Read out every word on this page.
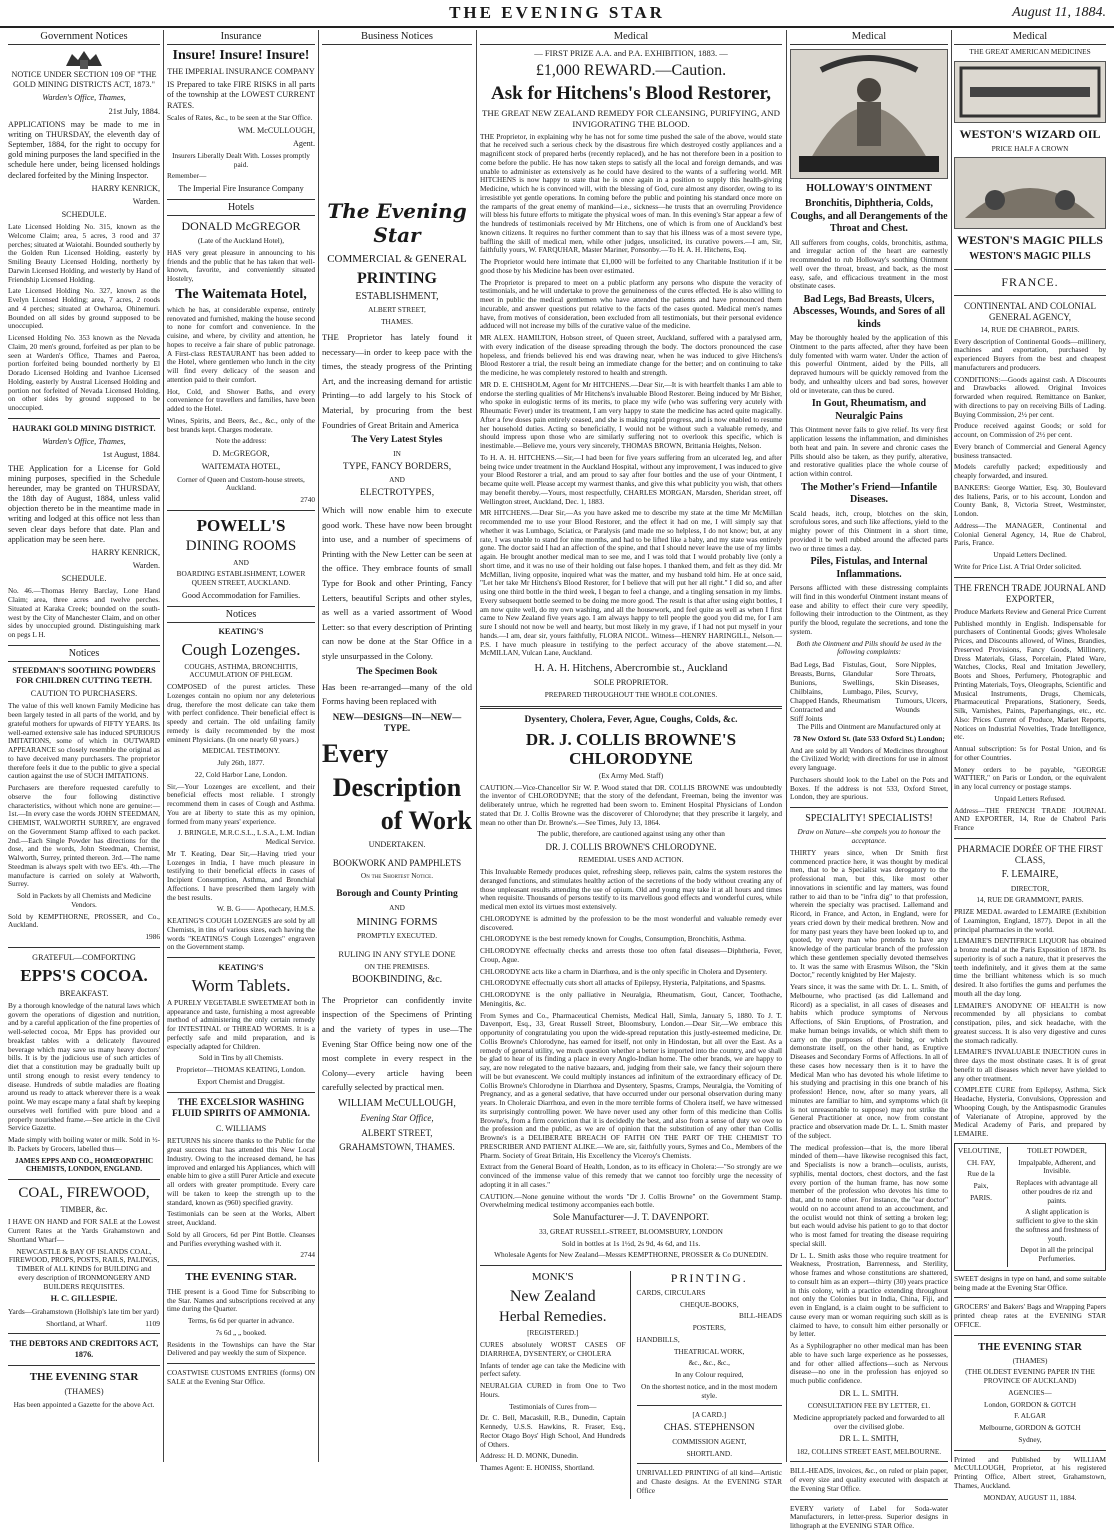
THE EVENING STAR	August 11, 1884.
Government Notices

NOTICE UNDER SECTION 109 OF "THE GOLD MINING DISTRICTS ACT, 1873."

Warden's Office, Thames,

21st July, 1884.

APPLICATIONS may be made to me in writing on THURSDAY, the eleventh day of September, 1884, for the right to occupy for gold mining purposes the land specified in the schedule here under, being licensed holdings declared forfeited by the Mining Inspector.

HARRY KENRICK,

Warden.

SCHEDULE.

Late Licensed Holding No. 315, known as the Welcome Claim; area, 5 acres, 3 rood and 37 perches; situated at Waiotahi. Bounded southerly by the Golden Run Licensed Holding, easterly by Smiling Beauty Licensed Holding, northerly by Darwin Licensed Holding, and westerly by Hand of Friendship Licensed Holding.

Late Licensed Holding No. 327, known as the Evelyn Licensed Holding; area, 7 acres, 2 roods and 4 perches; situated at Owharoa, Ohinemuri. Bounded on all sides by ground supposed to be unoccupied.

Licensed Holding No. 353 known as the Nevada Claim, 20 men's ground, forfeited as per plan to be seen at Warden's Office, Thames and Paeroa, portion forfeited being bounded northerly by El Dorado Licensed Holding and Ivanhoe Licensed Holding, easterly by Austral Licensed Holding and portion not forfeited of Nevada Licensed Holding, on other sides by ground supposed to be unoccupied.

HAURAKI GOLD MINING DISTRICT.

Warden's Office, Thames,

1st August, 1884.

THE Application for a License for Gold mining purposes, specified in the Schedule hereunder, may be granted on THURSDAY, the 18th day of August, 1884, unless valid objection thereto be in the meantime made in writing and lodged at this office not less than seven clear days before that date. Plan and application may be seen here.

HARRY KENRICK,

Warden.

SCHEDULE.

No. 46.—Thomas Henry Barclay, Lone Hand Claim; area, three acres and twelve perches. Situated at Karaka Creek; bounded on the south-west by the City of Manchester Claim, and on other sides by unoccupied ground. Distinguishing mark on pegs L H.

Notices

STEEDMAN'S SOOTHING POWDERS FOR CHILDREN CUTTING TEETH.

CAUTION TO PURCHASERS.

The value of this well known Family Medicine has been largely tested in all parts of the world, and by grateful mothers for upwards of FIFTY YEARS. Its well-earned extensive sale has induced SPURIOUS IMITATIONS, some of which in OUTWARD APPEARANCE so closely resemble the original as to have deceived many purchasers. The proprietor therefore feels it due to the public to give a special caution against the use of SUCH IMITATIONS.

Purchasers are therefore requested carefully to observe the four following distinctive characteristics, without which none are genuine:— 1st.—In every case the words JOHN STEEDMAN, CHEMIST, WALWORTH SURREY, are engraved on the Government Stamp affixed to each packet. 2nd.—Each Single Powder has directions for the dose, and the words, John Steedman, Chemist, Walworth, Surrey, printed thereon. 3rd.—The name Steedman is always spelt with two EE's. 4th.—The manufacture is carried on solely at Walworth, Surrey.

Sold in Packets by all Chemists and Medicine Vendors.

Sold by KEMPTHORNE, PROSSER, and Co., Auckland.

1986

GRATEFUL—COMFORTING

EPPS'S COCOA.

BREAKFAST.

By a thorough knowledge of the natural laws which govern the operations of digestion and nutrition, and by a careful application of the fine properties of well-selected cocoa, Mr Epps has provided our breakfast tables with a delicately flavoured beverage which may save us many heavy doctors' bills. It is by the judicious use of such articles of diet that a constitution may be gradually built up until strong enough to resist every tendency to disease. Hundreds of subtle maladies are floating around us ready to attack wherever there is a weak point. We may escape many a fatal shaft by keeping ourselves well fortified with pure blood and a properly nourished frame.—See article in the Civil Service Gazette.

Made simply with boiling water or milk. Sold in ½-lb. Packets by Grocers, labelled thus—

JAMES EPPS AND CO., HOMŒOPATHIC CHEMISTS, LONDON, ENGLAND.

COAL, FIREWOOD,

TIMBER, &c.

I HAVE ON HAND and FOR SALE at the Lowest Current Rates at the Yards Grahamstown and Shortland Wharf—

NEWCASTLE & BAY OF ISLANDS COAL, FIREWOOD, PROPS, POSTS, RAILS, PALINGS, TIMBER of ALL KINDS for BUILDING and every description of IRONMONGERY AND BUILDERS REQUISITES.

H. C. GILLESPIE.

Yards—Grahamstown (Hollship's late tim ber yard)

Shortland, at Wharf.	1109

THE DEBTORS AND CREDITORS ACT, 1876.

THE EVENING STAR

(THAMES)

Has been appointed a Gazette for the above Act.

Insurance
Insure! Insure! Insure!

THE IMPERIAL INSURANCE COMPANY

IS Prepared to take FIRE RISKS in all parts of the township at the LOWEST CURRENT RATES.

Scales of Rates, &c., to be seen at the Star Office.

WM. McCULLOUGH,

Agent.

Insurers Liberally Dealt With. Losses promptly paid.

Remember—

The Imperial Fire Insurance Company

Hotels
DONALD McGREGOR

(Late of the Auckland Hotel),

HAS very great pleasure in announcing to his friends and the public that he has taken that well-known, favorite, and conveniently situated Hostelry,

The Waitemata Hotel,

which he has, at considerable expense, entirely renovated and furnished, making the house second to none for comfort and convenience. In the cuisine, and where, by civility and attention, he hopes to receive a fair share of public patronage. A First-class RESTAURANT has been added to the Hotel, where gentlemen who lunch in the city will find every delicacy of the season and attention paid to their comfort.

Hot, Cold, and Shower Baths, and every convenience for travellers and families, have been added to the Hotel.

Wines, Spirits, and Beers, &c., &c., only of the best brands kept. Charges moderate.

Note the address:

D. McGREGOR,

WAITEMATA HOTEL,

Corner of Queen and Custom-house streets, Auckland.

2740

POWELL'S
DINING ROOMS

AND

BOARDING ESTABLISHMENT, LOWER QUEEN STREET, AUCKLAND.

Good Accommodation for Families.

Notices

KEATING'S

Cough Lozenges.

COUGHS, ASTHMA, BRONCHITIS, ACCUMULATION OF PHLEGM.

COMPOSED of the purest articles. These Lozenges contain no opium nor any deleterious drug, therefore the most delicate can take them with perfect confidence. Their beneficial effect is speedy and certain. The old unfailing family remedy is daily recommended by the most eminent Physicians. (In one nearly 60 years.)

MEDICAL TESTIMONY.

July 26th, 1877.

22, Cold Harbor Lane, London.

Sir,—Your Lozenges are excellent, and their beneficial effects most reliable. I strongly recommend them in cases of Cough and Asthma. You are at liberty to state this as my opinion, formed from many years' experience.

J. BRINGLE, M.R.C.S.L., L.S.A., L.M. Indian Medical Service.

Mr T. Keating, Dear Sir,—Having tried your Lozenges in India, I have much pleasure in testifying to their beneficial effects in cases of Incipient Consumption, Asthma, and Bronchial Affections. I have prescribed them largely with the best results.

W. B. G—— Apothecary, H.M.S.

KEATING'S COUGH LOZENGES are sold by all Chemists, in tins of various sizes, each having the words "KEATING'S Cough Lozenges" engraven on the Government stamp.

KEATING'S

Worm Tablets.

A PURELY VEGETABLE SWEETMEAT both in appearance and taste, furnishing a most agreeable method of administering the only certain remedy for INTESTINAL or THREAD WORMS. It is a perfectly safe and mild preparation, and is especially adapted for Children.

Sold in Tins by all Chemists.

Proprietor—THOMAS KEATING, London.

Export Chemist and Druggist.

THE EXCELSIOR WASHING FLUID SPIRITS OF AMMONIA.

C. WILLIAMS

RETURNS his sincere thanks to the Public for the great success that has attended this New Local Industry. Owing to the increased demand, he has improved and enlarged his Appliances, which will enable him to give a still Purer Article and execute all orders with greater promptitude. Every care will be taken to keep the strength up to the standard, known as (960) specified gravity.

Testimonials can be seen at the Works, Albert street, Auckland.

Sold by all Grocers, 6d per Pint Bottle. Cleanses and Purifies everything washed with it.

2744

THE EVENING STAR.

THE present is a Good Time for Subscribing to the Star. Names and subscriptions received at any time during the Quarter.

Terms, 6s 6d per quarter in advance.

7s 6d „ „ booked.

Residents in the Townships can have the Star Delivered and pay weekly the sum of Sixpence.

COASTWISE CUSTOMS ENTRIES (forms) ON SALE at the Evening Star Office.

Business Notices
The Evening Star

COMMERCIAL & GENERAL

PRINTING

ESTABLISHMENT,

ALBERT STREET,

THAMES.

THE Proprietor has lately found it necessary—in order to keep pace with the times, the steady progress of the Printing Art, and the increasing demand for artistic Printing—to add largely to his Stock of Material, by procuring from the best Foundries of Great Britain and America

The Very Latest Styles

IN

TYPE, FANCY BORDERS,

AND

ELECTROTYPES,

Which will now enable him to execute good work. These have now been brought into use, and a number of specimens of Printing with the New Letter can be seen at the office. They embrace founts of small Type for Book and other Printing, Fancy Letters, beautiful Scripts and other styles, as well as a varied assortment of Wood Letter: so that every description of Printing can now be done at the Star Office in a style unsurpassed in the Colony.

The Specimen Book

Has been re-arranged—many of the old Forms having been replaced with

NEW—DESIGNS—IN—NEW—TYPE.

Every
Description
of Work

UNDERTAKEN.

BOOKWORK AND PAMPHLETS

On the Shortest Notice.

Borough and County Printing

AND

MINING FORMS

PROMPTLY EXECUTED.

RULING IN ANY STYLE DONE

ON THE PREMISES.

BOOKBINDING, &c.

The Proprietor can confidently invite inspection of the Specimens of Printing and the variety of types in use—The Evening Star Office being now one of the most complete in every respect in the Colony—every article having been carefully selected by practical men.

WILLIAM McCULLOUGH,

Evening Star Office,

ALBERT STREET,

GRAHAMSTOWN, THAMES.

Medical

— FIRST PRIZE A.A. and P.A. EXHIBITION, 1883. —

£1,000 REWARD.—Caution.
Ask for Hitchens's Blood Restorer,

THE GREAT NEW ZEALAND REMEDY FOR CLEANSING, PURIFYING, AND INVIGORATING THE BLOOD.

THE Proprietor, in explaining why he has not for some time pushed the sale of the above, would state that he received such a serious check by the disastrous fire which destroyed costly appliances and a magnificent stock of prepared herbs (recently replaced), and he has not therefore been in a position to come before the public. He has now taken steps to satisfy all the local and foreign demands, and was unable to administer as extensively as he could have desired to the wants of a suffering world. MR HITCHENS is now happy to state that he is once again in a position to supply this health-giving Medicine, which he is convinced will, with the blessing of God, cure almost any disorder, owing to its irresistible yet gentle operations. In coming before the public and pointing his standard once more on the ramparts of the great enemy of mankind—i.e., sickness—he trusts that an overruling Providence will bless his future efforts to mitigate the physical woes of man. In this evening's Star appear a few of the hundreds of testimonials received by Mr Hitchens, one of which is from one of Auckland's best known citizens. It requires no further comment than to say that his illness was of a most severe type, baffling the skill of medical men, while other judges, unsolicited, its curative powers.—I am, Sir, faithfully yours, W. FARQUHAR, Master Mariner, Ponsonby.—To H. A. H. Hitchens, Esq.

The Proprietor would here intimate that £1,000 will be forfeited to any Charitable Institution if it be good those by his Medicine has been over estimated.

The Proprietor is prepared to meet on a public platform any persons who dispute the veracity of testimonials, and he will undertake to prove the genuineness of the cures effected. He is also willing to meet in public the medical gentlemen who have attended the patients and have pronounced them incurable, and answer questions put relative to the facts of the cases quoted. Medical men's names have, from motives of consideration, been excluded from all testimonials, but their personal evidence adduced will not increase my bills of the curative value of the medicine.

MR ALEX. HAMILTON, Hobson street, of Queen street, Auckland, suffered with a paralysed arm, with every indication of the disease spreading through the body. The doctors pronounced the case hopeless, and friends believed his end was drawing near, when he was induced to give Hitchens's Blood Restorer a trial, the result being an immediate change for the better; and on continuing to take the medicine, he was completely restored to health and strength.

MR D. E. CHISHOLM, Agent for Mr HITCHENS.—Dear Sir,—It is with heartfelt thanks I am able to endorse the sterling qualities of Mr Hitchens's invaluable Blood Restorer. Being induced by Mr Bisher, who spoke in eulogistic terms of its merits, to place my wife (who was suffering very acutely with Rheumatic Fever) under its treatment, I am very happy to state the medicine has acted quite magically. After a few doses pain entirely ceased, and she is making rapid progress, and is now enabled to resume her household duties. Acting so beneficially, I would not be without such a valuable remedy, and should impress upon those who are similarly suffering not to overlook this specific, which is inestimable.—Believe me, yours very sincerely, THOMAS BROWN, Brittania Heights, Nelson.

To H. A. H. HITCHENS.—Sir,—I had been for five years suffering from an ulcerated leg, and after being twice under treatment in the Auckland Hospital, without any improvement, I was induced to give your Blood Restorer a trial, and am proud to say after four bottles and the use of your Ointment, I became quite well. Please accept my warmest thanks, and give this what publicity you wish, that others may benefit thereby.—Yours, most respectfully, CHARLES MORGAN, Marsden, Sheridan street, off Wellington street, Auckland, Dec. 1, 1883.

MR HITCHENS.—Dear Sir,—As you have asked me to describe my state at the time Mr McMillan recommended me to use your Blood Restorer, and the effect it had on me, I will simply say that whether it was Lumbago, Sciatica, or Paralysis (and made me so helpless, I do not know; but, at any rate, I was unable to stand for nine months, and had to be lifted like a baby, and my state was entirely gone. The doctor said I had an affection of the spine, and that I should never leave the use of my limbs again. He brought another medical man to see me, and I was told that I would probably live (only a short time, and it was no use of their holding out false hopes. I thanked them, and felt as they did. Mr McMillan, living opposite, inquired what was the matter, and my husband told him. He at once said, "Let her take Mr Hitchens's Blood Restorer, for I believe that will put her all right." I did so, and after using one third bottle in the third week, I began to feel a change, and a tingling sensation in my limbs. Every subsequent bottle seemed to be doing me more good. The result is that after using eight bottles, I am now quite well, do my own washing, and all the housework, and feel quite as well as when I first came to New Zealand five years ago. I am always happy to tell people the good you did me, for I am sure I should not now be well and hearty, but most likely in my grave, if I had not put myself in your hands.—I am, dear sir, yours faithfully, FLORA NICOL. Witness—HENRY HARINGILL, Nelson.—P.S. I have much pleasure in testifying to the perfect accuracy of the above statement.—N. McMILLAN, Vulcan Lane, Auckland.

H. A. H. Hitchens, Abercrombie st., Auckland

SOLE PROPRIETOR.

PREPARED THROUGHOUT THE WHOLE COLONIES.

Dysentery, Cholera, Fever, Ague, Coughs, Colds, &c.

DR. J. COLLIS BROWNE'S CHLORODYNE

(Ex Army Med. Staff)

CAUTION.—Vice-Chancellor Sir W. P. Wood stated that DR. COLLIS BROWNE was undoubtedly the inventor of CHLORODYNE; that the story of the defendant, Freeman, being the inventor was deliberately untrue, which he regretted had been sworn to. Eminent Hospital Physicians of London stated that Dr. J. Collis Browne was the discoverer of Chlorodyne; that they prescribe it largely, and mean no other than Dr. Browne's.—See Times, July 13, 1864.

The public, therefore, are cautioned against using any other than

DR. J. COLLIS BROWNE'S CHLORODYNE.

REMEDIAL USES AND ACTION.

This Invaluable Remedy produces quiet, refreshing sleep, relieves pain, calms the system restores the deranged functions, and stimulates healthy action of the secretions of the body without creating any of those unpleasant results attending the use of opium. Old and young may take it at all hours and times when requisite. Thousands of persons testify to its marvellous good effects and wonderful cures, while medical men extol its virtues most extensively.

CHLORODYNE is admitted by the profession to be the most wonderful and valuable remedy ever discovered.

CHLORODYNE is the best remedy known for Coughs, Consumption, Bronchitis, Asthma.

CHLORODYNE effectually checks and arrests those too often fatal diseases—Diphtheria, Fever, Croup, Ague.

CHLORODYNE acts like a charm in Diarrhœa, and is the only specific in Cholera and Dysentery.

CHLORODYNE effectually cuts short all attacks of Epilepsy, Hysteria, Palpitations, and Spasms.

CHLORODYNE is the only palliative in Neuralgia, Rheumatism, Gout, Cancer, Toothache, Meningitis, &c.

From Symes and Co., Pharmaceutical Chemists, Medical Hall, Simla, January 5, 1880. To J. T. Davenport, Esq., 33, Great Russell Street, Bloomsbury, London.—Dear Sir,—We embrace this opportunity of congratulating you upon the wide-spread reputation this justly-esteemed medicine, Dr. Collis Browne's Chlorodyne, has earned for itself, not only in Hindostan, but all over the East. As a remedy of general utility, we much question whether a better is imported into the country, and we shall be glad to hear of its finding a place in every Anglo-Indian home. The other brands, we are happy to say, are now relegated to the native bazaars, and, judging from their sale, we fancy their sojourn there will be but evanescent. We could multiply instances ad infinitum of the extraordinary efficacy of Dr. Collis Browne's Chlorodyne in Diarrhœa and Dysentery, Spasms, Cramps, Neuralgia, the Vomiting of Pregnancy, and as a general sedative, that have occurred under our personal observation during many years. In Choleraic Diarrhœa, and even in the more terrible forms of Cholera itself, we have witnessed its surprisingly controlling power. We have never used any other form of this medicine than Collis Browne's, from a firm conviction that it is decidedly the best, and also from a sense of duty we owe to the profession and the public, as we are of opinion that the substitution of any other than Collis Browne's is a DELIBERATE BREACH OF FAITH ON THE PART OF THE CHEMIST TO PRESCRIBER AND PATIENT ALIKE.—We are, sir, faithfully yours, Symes and Co., Members of the Pharm. Society of Great Britain, His Excellency the Viceroy's Chemists.

Extract from the General Board of Health, London, as to its efficacy in Cholera:—"So strongly are we convinced of the immense value of this remedy that we cannot too forcibly urge the necessity of adopting it in all cases."

CAUTION.—None genuine without the words "Dr J. Collis Browne" on the Government Stamp. Overwhelming medical testimony accompanies each bottle.

Sole Manufacturer—J. T. DAVENPORT.

33, GREAT RUSSELL-STREET, BLOOMSBURY, LONDON

Sold in bottles at 1s 1½d, 2s 9d, 4s 6d, and 11s.

Wholesale Agents for New Zealand—Messrs KEMPTHORNE, PROSSER & Co DUNEDIN.

MONK'S

New Zealand
Herbal Remedies.

[REGISTERED.]

CURES absolutely WORST CASES OF DIARRHŒA, DYSENTERY, or CHOLERA

Infants of tender age can take the Medicine with perfect safety.

NEURALGIA CURED in from One to Two Hours.

Testimonials of Cures from—

Dr. C. Bell, Macaskill, R.B., Dunedin, Captain Kennedy, U.S.S. Hawkins, R. Fraser, Esq., Rector Otago Boys' High School, And Hundreds of Others.

Address: H. D. MONK, Dunedin.

Thames Agent: E. HONISS, Shortland.

PRINTING.

CARDS, CIRCULARS

CHEQUE-BOOKS,

BILL-HEADS

POSTERS,

HANDBILLS,

THEATRICAL WORK,

&c., &c., &c.,

In any Colour required,

On the shortest notice, and in the most modern style.

[A CARD.]

CHAS. STEPHENSON

COMMISSION AGENT,

SHORTLAND.

UNRIVALLED PRINTING of all kind—Artistic and Chaste designs. At the EVENING STAR Office

Medical

HOLLOWAY'S OINTMENT

Bronchitis, Diphtheria, Colds, Coughs, and all Derangements of the Throat and Chest.

All sufferers from coughs, colds, bronchitis, asthma, and irregular action of the heart are earnestly recommended to rub Holloway's soothing Ointment well over the throat, breast, and back, as the most easy, safe, and efficacious treatment in the most obstinate cases.

Bad Legs, Bad Breasts, Ulcers, Abscesses, Wounds, and Sores of all kinds

May be thoroughly healed by the application of this Ointment to the parts affected, after they have been duly fomented with warm water. Under the action of this powerful Ointment, aided by the Pills, all depraved humours will be quickly removed from the body, and unhealthy ulcers and bad sores, however old or inveterate, can thus be cured.

In Gout, Rheumatism, and Neuralgic Pains

This Ointment never fails to give relief. Its very first application lessens the inflammation, and diminishes both heat and pain. In severe and chronic cases the Pills should also be taken, as they purify, alterative, and restorative qualities place the whole course of action within control.

The Mother's Friend—Infantile Diseases.

Scald heads, itch, croup, blotches on the skin, scrofulous sores, and such like affections, yield to the mighty power of this Ointment in a short time, provided it be well rubbed around the affected parts two or three times a day.

Piles, Fistulas, and Internal Inflammations.

Persons afflicted with these distressing complaints will find in this wonderful Ointment instant means of ease and ability to effect their cure very speedily, following their introduction to the Ointment, as they purify the blood, regulate the secretions, and tone the system.

Both the Ointment and Pills should be used in the following complaints:

Bad Legs, Bad Breasts, Burns, Bunions, Chilblains, Chapped Hands, Contracted and Stiff Joints
Fistulas, Gout, Glandular Swellings, Lumbago, Piles, Rheumatism
Sore Nipples, Sore Throats, Skin Diseases, Scurvy, Tumours, Ulcers, Wounds

The Pills and Ointment are Manufactured only at

78 New Oxford St. (late 533 Oxford St.) London;

And are sold by all Vendors of Medicines throughout the Civilized World; with directions for use in almost every language.

Purchasers should look to the Label on the Pots and Boxes. If the address is not 533, Oxford Street, London, they are spurious.

SPECIALITY! SPECIALISTS!

Draw on Nature—she compels you to honour the acceptance.

THIRTY years since, when Dr Smith first commenced practice here, it was thought by medical men, that to be a Specialist was derogatory to the professional man, but this, like most other innovations in scientific and lay matters, was found rather to aid than to be "infra dig" to that profession, wherein the specialty was practised. Lallemand and Ricord, in France, and Acton, in England, were for years cried down by their medical brethren. Now and for many past years they have been looked up to, and quoted, by every man who pretends to have any knowledge of the particular branch of the profession which these gentlemen specially devoted themselves to. It was the same with Erasmus Wilson, the "Skin Doctor," recently knighted by Her Majesty.

Years since, it was the same with Dr. L. L. Smith, of Melbourne, who practised (as did Lallemand and Ricord) as a specialist, in all cases of diseases and habits which produce symptoms of Nervous Affections, of Skin Eruptions, of Prostration, and make human beings invalids, or which shift them to carry on the purposes of their being, or which demonstrate itself, on the other hand, as Eruptive Diseases and Secondary Forms of Affections. In all of these cases how necessary then is it to have the Medical Man who has devoted his whole lifetime to his studying and practising in this one branch of his profession! Hence, now, after so many years, all minutes are familiar to him, and symptoms which (it is not unreasonable to suppose) may not strike the General Practitioner at once, now from constant practice and observation made Dr. L. L. Smith master of the subject.

The medical profession—that is, the more liberal minded of them—have likewise recognised this fact, and Specialists is now a branch—oculists, aurists, syphilis, mental doctors, chest doctors, and the fast every portion of the human frame, has now some member of the profession who devotes his time to that, and to none other. For instance, the "ear doctor" would on no account attend to an accouchment, and the oculist would not think of setting a broken leg; but each would advise his patient to go to that doctor who is most famed for treating the disease requiring special skill.

Dr L. L. Smith asks those who require treatment for Weakness, Prostration, Barrenness, and Sterility, whose frames and whose constitutions are shattered, to consult him as an expert—thirty (30) years practice in this colony, with a practice extending throughout not only the Colonies but in India, China, Fiji, and even in England, is a claim ought to be sufficient to cause every man or woman requiring such skill as is claimed to have, to consult him either personally or by letter.

As a Syphilographer no other medical man has been able to have such large experience as he possesses, and for other allied affections—such as Nervous disease—no one in the profession has enjoyed so much public confidence.

DR L. L. SMITH.

CONSULTATION FEE BY LETTER, £1.

Medicine appropriately packed and forwarded to all over the civilised globe.

DR L. L. SMITH,

182, COLLINS STREET EAST, MELBOURNE.

BILL-HEADS, invoices, &c., on ruled or plain paper, of every size and quality executed with despatch at the Evening Star Office.

EVERY variety of Label for Soda-water Manufacturers, in letter-press. Superior designs in lithograph at the EVENING STAR Office.

Medical

THE GREAT AMERICAN MEDICINES

WESTON'S WIZARD OIL

PRICE HALF A CROWN

WESTON'S MAGIC PILLS

WESTON'S MAGIC PILLS

FRANCE.

CONTINENTAL AND COLONIAL GENERAL AGENCY,

14, RUE DE CHABROL, PARIS.

Every description of Continental Goods—millinery, machines and exportation, purchased by experienced Buyers from the best and cheapest manufacturers and producers.

CONDITIONS:—Goods against cash. A Discounts and Drawbacks allowed. Original Invoices forwarded when required. Remittance on Banker, with directions to pay on receiving Bills of Lading. Buying Commission, 2½ per cent.

Produce received against Goods; or sold for account, on Commission of 2½ per cent.

Every branch of Commercial and General Agency business transacted.

Models carefully packed; expeditiously and cheaply forwarded, and insured.

BANKERS: George Wattier, Esq. 30, Boulevard des Italiens, Paris, or to his account, London and County Bank, 8, Victoria Street, Westminster, London.

Address—The MANAGER, Continental and Colonial General Agency, 14, Rue de Chabrol, Paris, France.

Unpaid Letters Declined.

Write for Price List. A Trial Order solicited.

THE FRENCH TRADE JOURNAL AND EXPORTER,

Produce Markets Review and General Price Current

Published monthly in English. Indispensable for purchasers of Continental Goods; gives Wholesale Prices, and Discounts allowed, of Wines, Brandies, Preserved Provisions, Fancy Goods, Millinery, Dress Materials, Glass, Porcelain, Plated Ware, Watches, Clocks, Real and Imitation Jewellery, Boots and Shoes, Perfumery, Photographic and Printing Materials, Toys, Oleographs, Scientific and Musical Instruments, Drugs, Chemicals, Pharmaceutical Preparations, Stationery, Seeds, Silk, Varnishes, Paints, Paperhangings, etc., etc. Also: Prices Current of Produce, Market Reports, Notices on Industrial Novelties, Trade Intelligence, etc.

Annual subscription: 5s for Postal Union, and 6s for other Countries.

Money orders to be payable, "GEORGE WATTIER," on Paris or London, or the equivalent in any local currency or postage stamps.

Unpaid Letters Refused.

Address—THE FRENCH TRADE JOURNAL AND EXPORTER, 14, Rue de Chabrol Paris France

PHARMACIE DORÉE OF THE FIRST CLASS,

F. LEMAIRE,

DIRECTOR,

14, RUE DE GRAMMONT, PARIS.

PRIZE MEDAL awarded to LEMAIRE (Exhibition of Leamington, England, 1877). Depot in all the principal pharmacies in the world.

LEMAIRE'S DENTIFRICE LIQUOR has obtained a bronze medal at the Paris Exposition of 1878. Its superiority is of such a nature, that it preserves the teeth indefinitely, and it gives them at the same time the brilliant whiteness which is so much desired. It also fortifies the gums and perfumes the mouth all the day long.

LEMAIRE'S ANODYNE OF HEALTH is now recommended by all physicians to combat constipation, piles, and sick headache, with the greatest success. It is also very digestive and cures the stomach radically.

LEMAIRE'S INVALUABLE INJECTION cures in three days the most obstinate cases. It is of great benefit to all diseases which never have yielded to any other treatment.

COMPLETE CURE from Epilepsy, Asthma, Sick Headache, Hysteria, Convulsions, Oppression and Whooping Cough, by the Antispasmodic Granules of Valerianate of Atropine, approved by the Medical Academy of Paris, and prepared by LEMAIRE.

VELOUTINE,

CH. FAY,

Rue de la

Paix,

PARIS.

TOILET POWDER,

Impalpable, Adherent, and Invisible.

Replaces with advantage all other poudres de riz and paints.

A slight application is sufficient to give to the skin the softness and freshness of youth.

Depot in all the principal Perfumeries.

SWEET designs in type on hand, and some suitable being made at the Evening Star Office.

GROCERS' and Bakers' Bags and Wrapping Papers printed cheap rates at the EVENING STAR OFFICE.

THE EVENING STAR

(THAMES)

(THE OLDEST EVENING PAPER IN THE PROVINCE OF AUCKLAND)

AGENCIES—

London, GORDON & GOTCH

F. ALGAR

Melbourne, GORDON & GOTCH

Sydney,

Printed and Published by WILLIAM McCULLOUGH, Proprietor, at his registered Printing Office, Albert street, Grahamstown, Thames, Auckland.

MONDAY, AUGUST 11, 1884.
